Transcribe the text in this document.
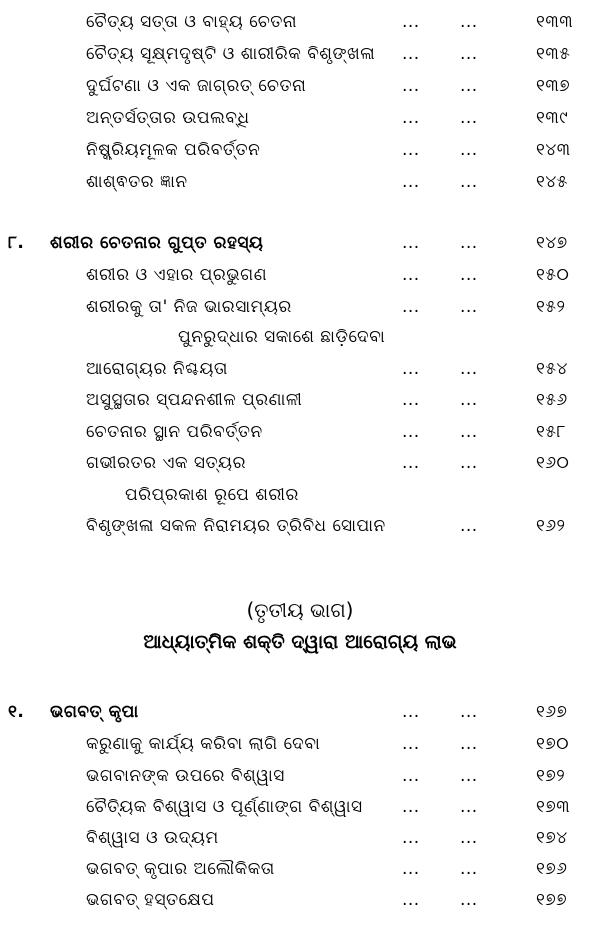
ଚୈତ୍ୟ ସତ୍ତା ଓ ବାହ୍ୟ ଚେତନା	... ...	୧୩୩
ଚୈତ୍ୟ ସୂକ୍ଷ୍ମଦୃଷ୍ଟି ଓ ଶାରୀରିକ ବିଶୃଙ୍ଖଳା ... ...	୧୩୫
ଦୁର୍ଘଟଣା ଓ ଏକ ଜାଗ୍ରତ୍ ଚେତନା	... ...	୧୩୭
ଅନ୍ତର୍ସତ୍ତାର ଉପଲବ୍ଧି	... ...	୧୩୯
ନିଷ୍କ୍ରିୟମୂଳକ ପରିବର୍ତ୍ତନ	... ...	୧୪୩
ଶାଶ୍ଵତର ଜ୍ଞାନ	... ...	୧୪୫
୮. ଶରୀର ଚେତନାର ଗୁପ୍ତ ରହସ୍ୟ	... ...	୧୪୭
ଶରୀର ଓ ଏହାର ପ୍ରଭୁଗଣ	... ...	୧୫୦
ଶରୀରକୁ ତା' ନିଜ ଭାରସାମ୍ୟର	... ...	୧୫୨
ପୁନରୁଦ୍ଧାର ସକାଶେ ଛାଡ଼ିଦେବା
ଆରୋଗ୍ୟର ନିଶ୍ଚୟତା	... ...	୧୫୪
ଅସୁସ୍ଥତାର ସ୍ପନ୍ଦନଶୀଳ ପ୍ରଣାଳୀ	... ...	୧୫୬
ଚେତନାର ସ୍ଥାନ ପରିବର୍ତ୍ତନ	... ...	୧୫୮
ଗଭୀରତର ଏକ ସତ୍ୟର	... ...	୧୬୦
ପରିପ୍ରକାଶ ରୂପେ ଶରୀର
ବିଶୃଙ୍ଖଳା ସକଳ ନିରାମୟର ତ୍ରିବିଧ ସୋପାନ	...	୧୬୨
(ତୃତୀୟ ଭାଗ)
ଆଧ୍ୟାତ୍ମିକ ଶକ୍ତି ଦ୍ୱାରା ଆରୋଗ୍ୟ ଲାଭ
୧. ଭଗବତ୍ କୃପା	... ...	୧୬୭
କରୁଣାକୁ କାର୍ଯ୍ୟ କରିବା ଲାଗି ଦେବା	... ...	୧୭୦
ଭଗବାନଙ୍କ ଉପରେ ବିଶ୍ୱାସ	... ...	୧୭୨
ଚୈତ୍ୟିକ ବିଶ୍ୱାସ ଓ ପୂର୍ଣ୍ଣାଙ୍ଗ ବିଶ୍ୱାସ ... ...	୧୭୩
ବିଶ୍ୱାସ ଓ ଉଦ୍ୟମ	... ...	୧୭୪
ଭଗବତ୍ କୃପାର ଅଲୌକିକତା	... ...	୧୭୬
ଭଗବତ୍ ହସ୍ତକ୍ଷେପ	... ...	୧୭୭
